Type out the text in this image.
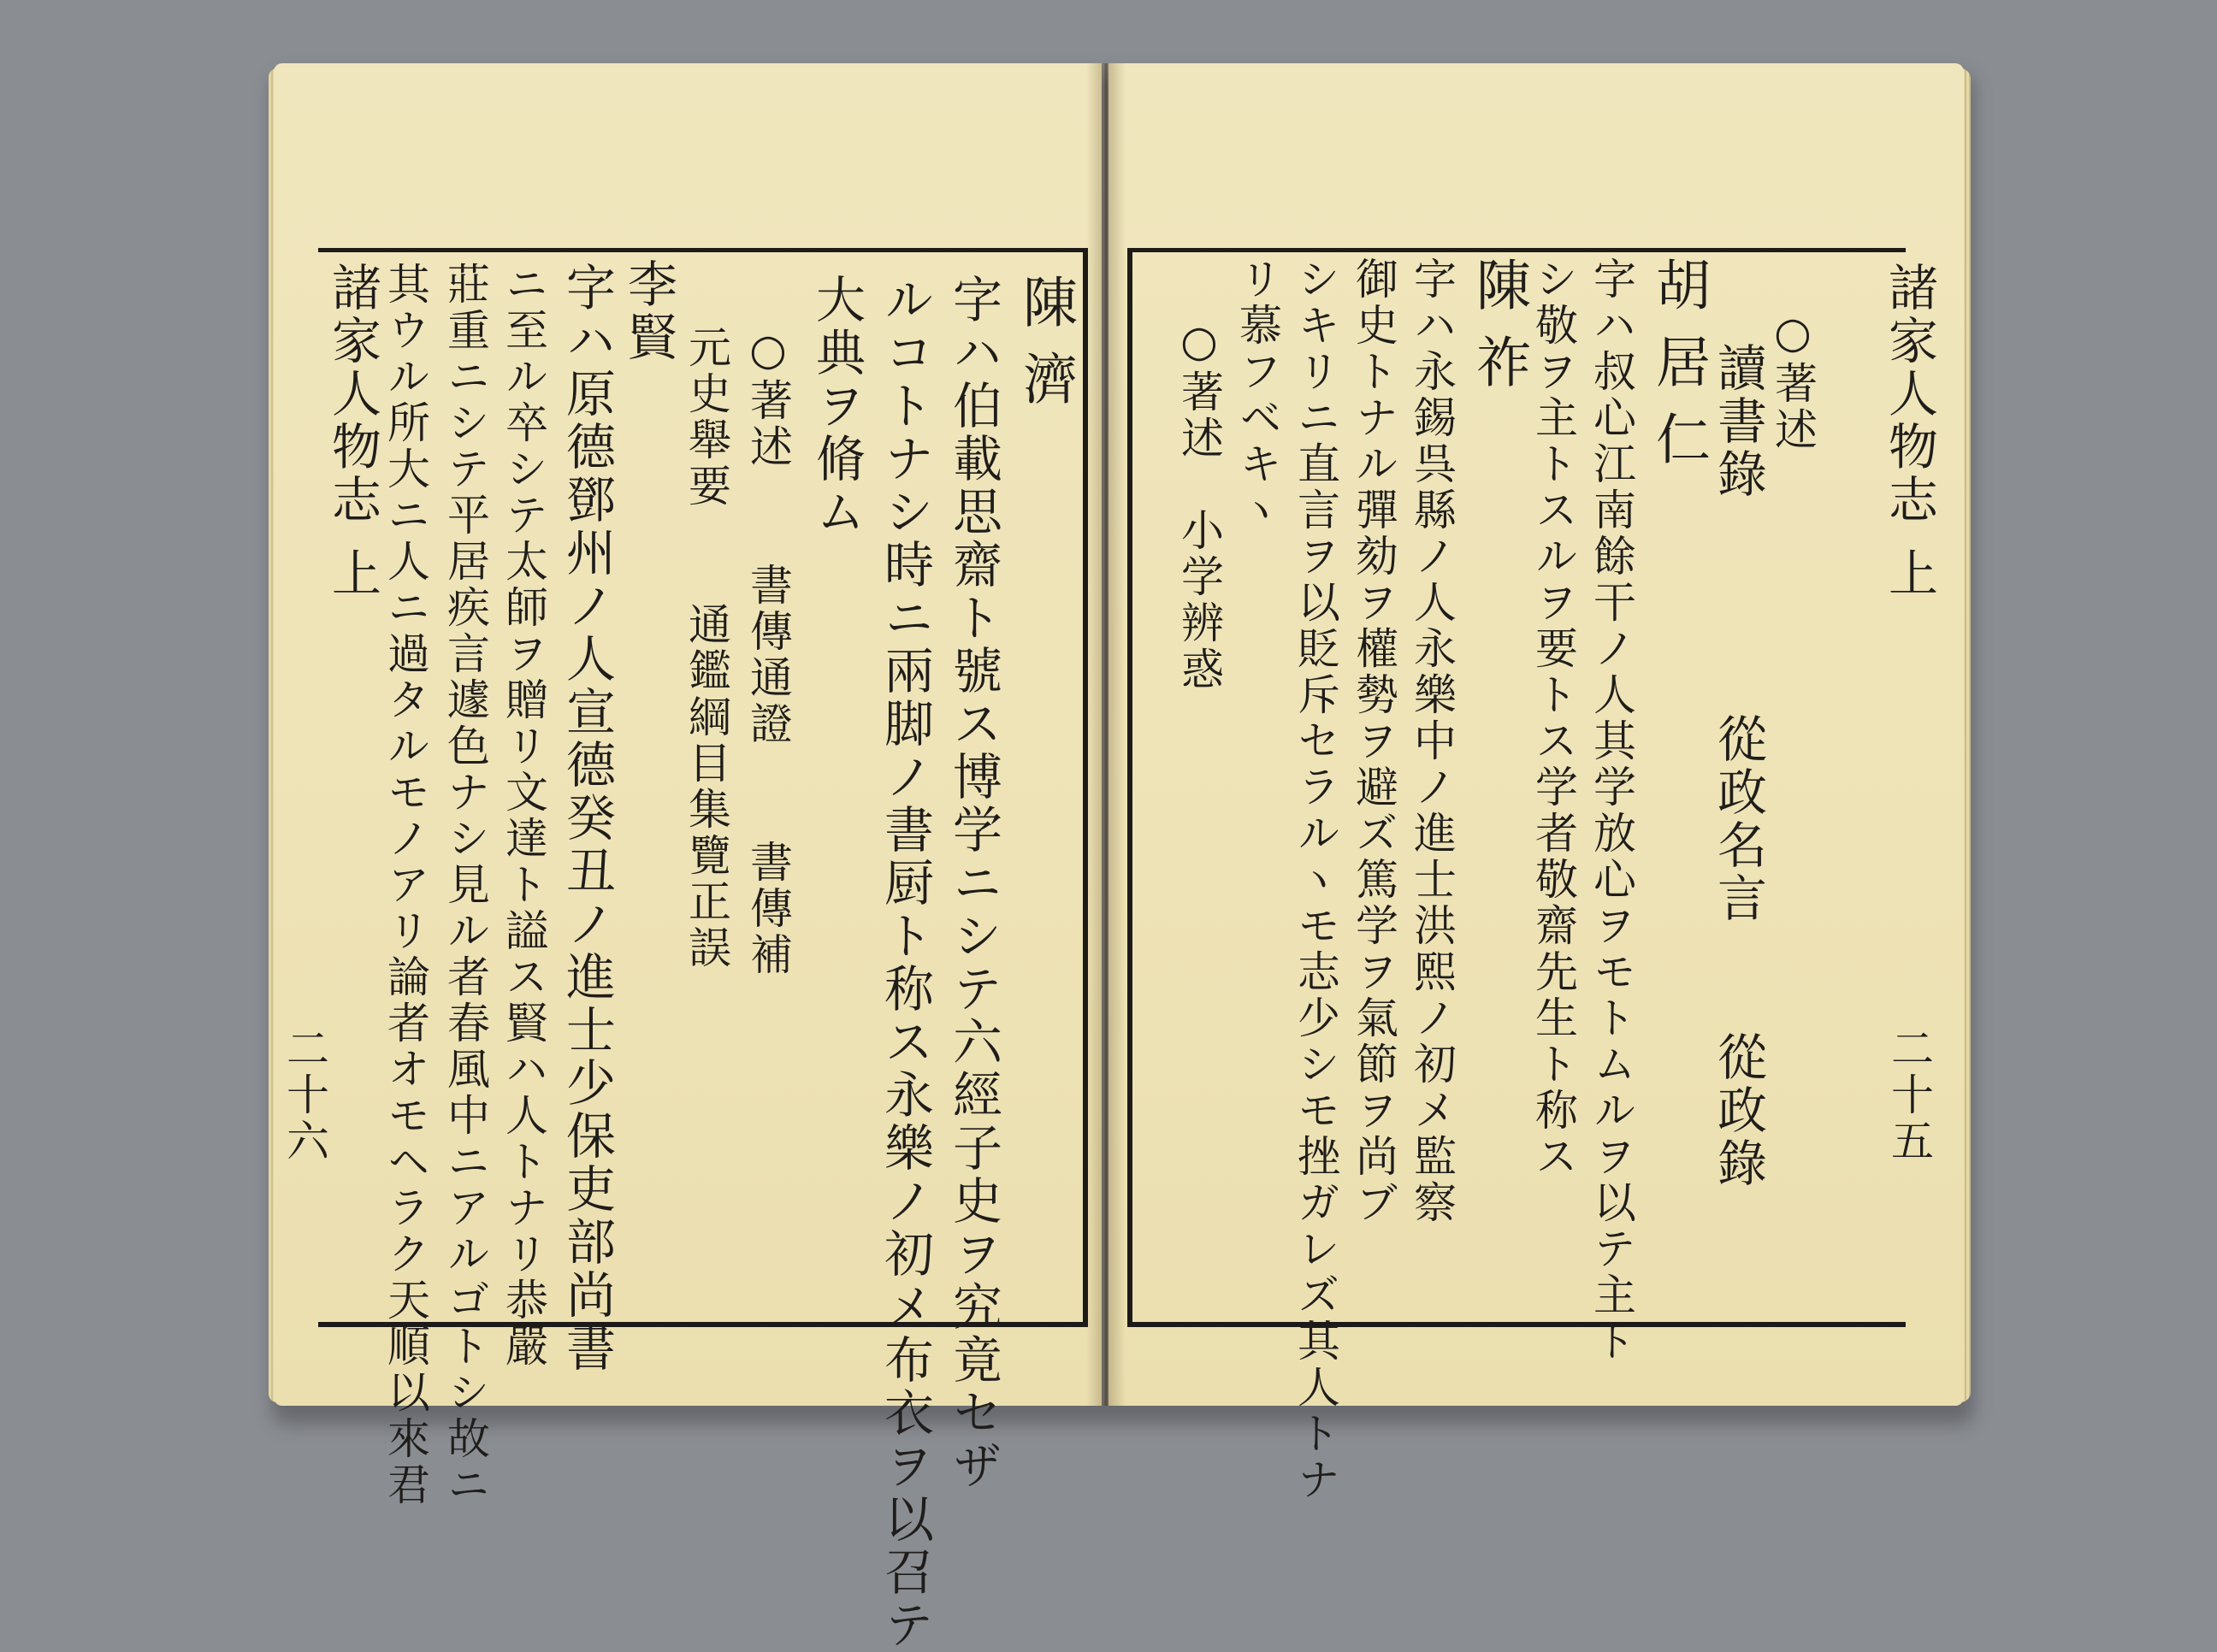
諸家人物志
上
二十六
陳濟
字ハ伯載思齋ト號ス博学ニシテ六經子史ヲ究竟セザ
ルコトナシ時ニ兩脚ノ書厨ト称ス永樂ノ初メ布衣ヲ以召テ
大典ヲ脩ム
○著述　　書傳通證　　書傳補
元史舉要　　通鑑綱目集覽正誤
李賢
字ハ原德鄧州ノ人宣德癸丑ノ進士少保吏部尚書
ニ至ル卒シテ太師ヲ贈リ文達ト謚ス賢ハ人トナリ恭嚴
莊重ニシテ平居疾言遽色ナシ見ル者春風中ニアルゴトシ故ニ
其ウル所大ニ人ニ過タルモノアリ論者オモヘラク天順以來君	諸家人物志
上
二十五
○著述
讀書錄　　　　從政名言　　從政錄
胡居仁
字ハ叔心江南餘干ノ人其学放心ヲモトムルヲ以テ主ト
シ敬ヲ主トスルヲ要トス学者敬齋先生ト称ス
陳祚
字ハ永錫呉縣ノ人永樂中ノ進士洪熙ノ初メ監察
御史トナル彈劾ヲ權勢ヲ避ズ篤学ヲ氣節ヲ尚ブ
シキリニ直言ヲ以貶斥セラルヽモ志少シモ挫ガレズ其人トナ
リ慕フベキヽ
○著述　小学辨惑
